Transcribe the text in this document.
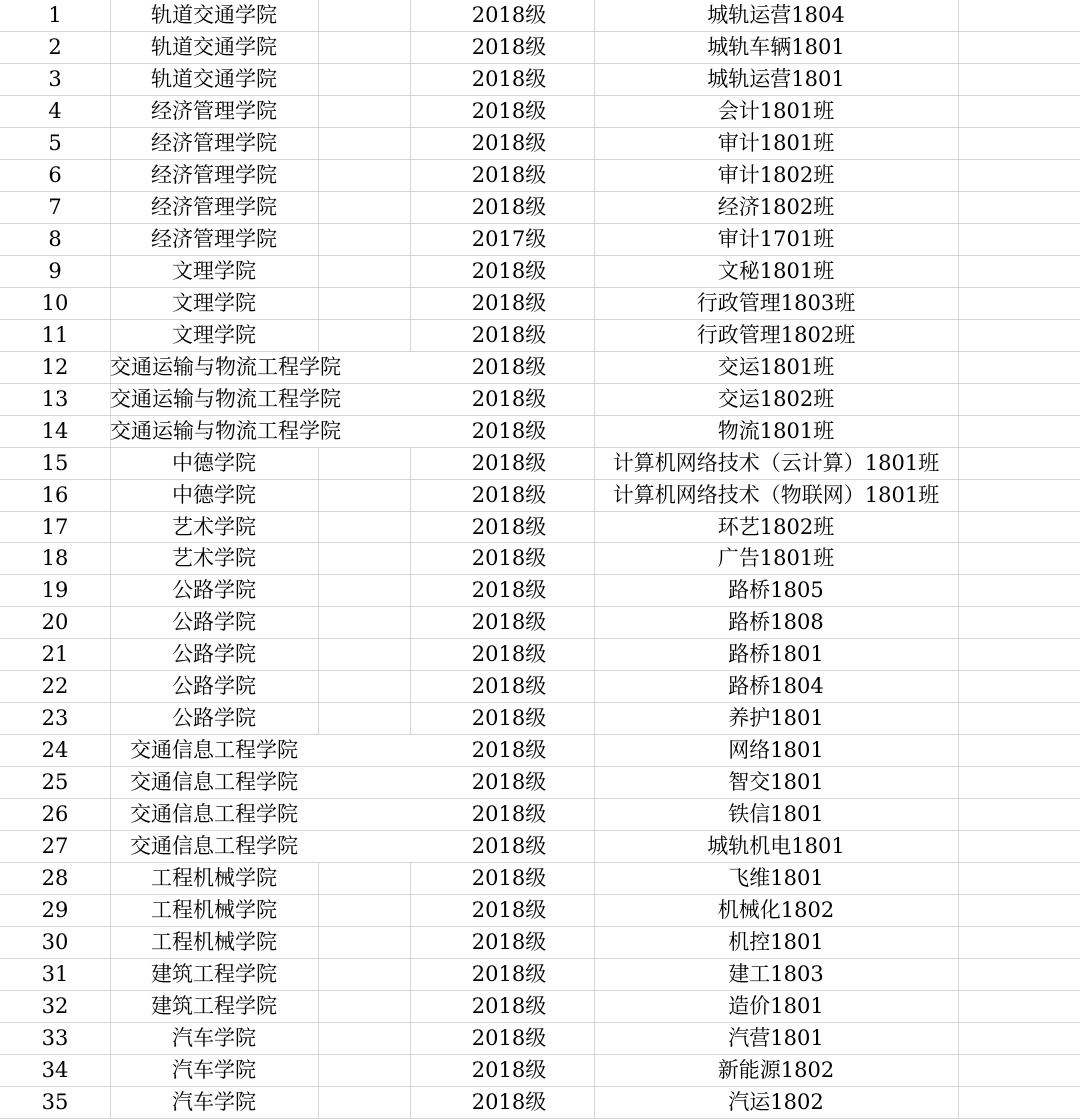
1	轨道交通学院	2018级	城轨运营1804
2	轨道交通学院	2018级	城轨车辆1801
3	轨道交通学院	2018级	城轨运营1801
4	经济管理学院	2018级	会计1801班
5	经济管理学院	2018级	审计1801班
6	经济管理学院	2018级	审计1802班
7	经济管理学院	2018级	经济1802班
8	经济管理学院	2017级	审计1701班
9	文理学院	2018级	文秘1801班
10	文理学院	2018级	行政管理1803班
11	文理学院	2018级	行政管理1802班
12	交通运输与物流工程学院	2018级	交运1801班
13	交通运输与物流工程学院	2018级	交运1802班
14	交通运输与物流工程学院	2018级	物流1801班
15	中德学院	2018级	计算机网络技术（云计算）1801班
16	中德学院	2018级	计算机网络技术（物联网）1801班
17	艺术学院	2018级	环艺1802班
18	艺术学院	2018级	广告1801班
19	公路学院	2018级	路桥1805
20	公路学院	2018级	路桥1808
21	公路学院	2018级	路桥1801
22	公路学院	2018级	路桥1804
23	公路学院	2018级	养护1801
24	交通信息工程学院	2018级	网络1801
25	交通信息工程学院	2018级	智交1801
26	交通信息工程学院	2018级	铁信1801
27	交通信息工程学院	2018级	城轨机电1801
28	工程机械学院	2018级	飞维1801
29	工程机械学院	2018级	机械化1802
30	工程机械学院	2018级	机控1801
31	建筑工程学院	2018级	建工1803
32	建筑工程学院	2018级	造价1801
33	汽车学院	2018级	汽营1801
34	汽车学院	2018级	新能源1802
35	汽车学院	2018级	汽运1802
